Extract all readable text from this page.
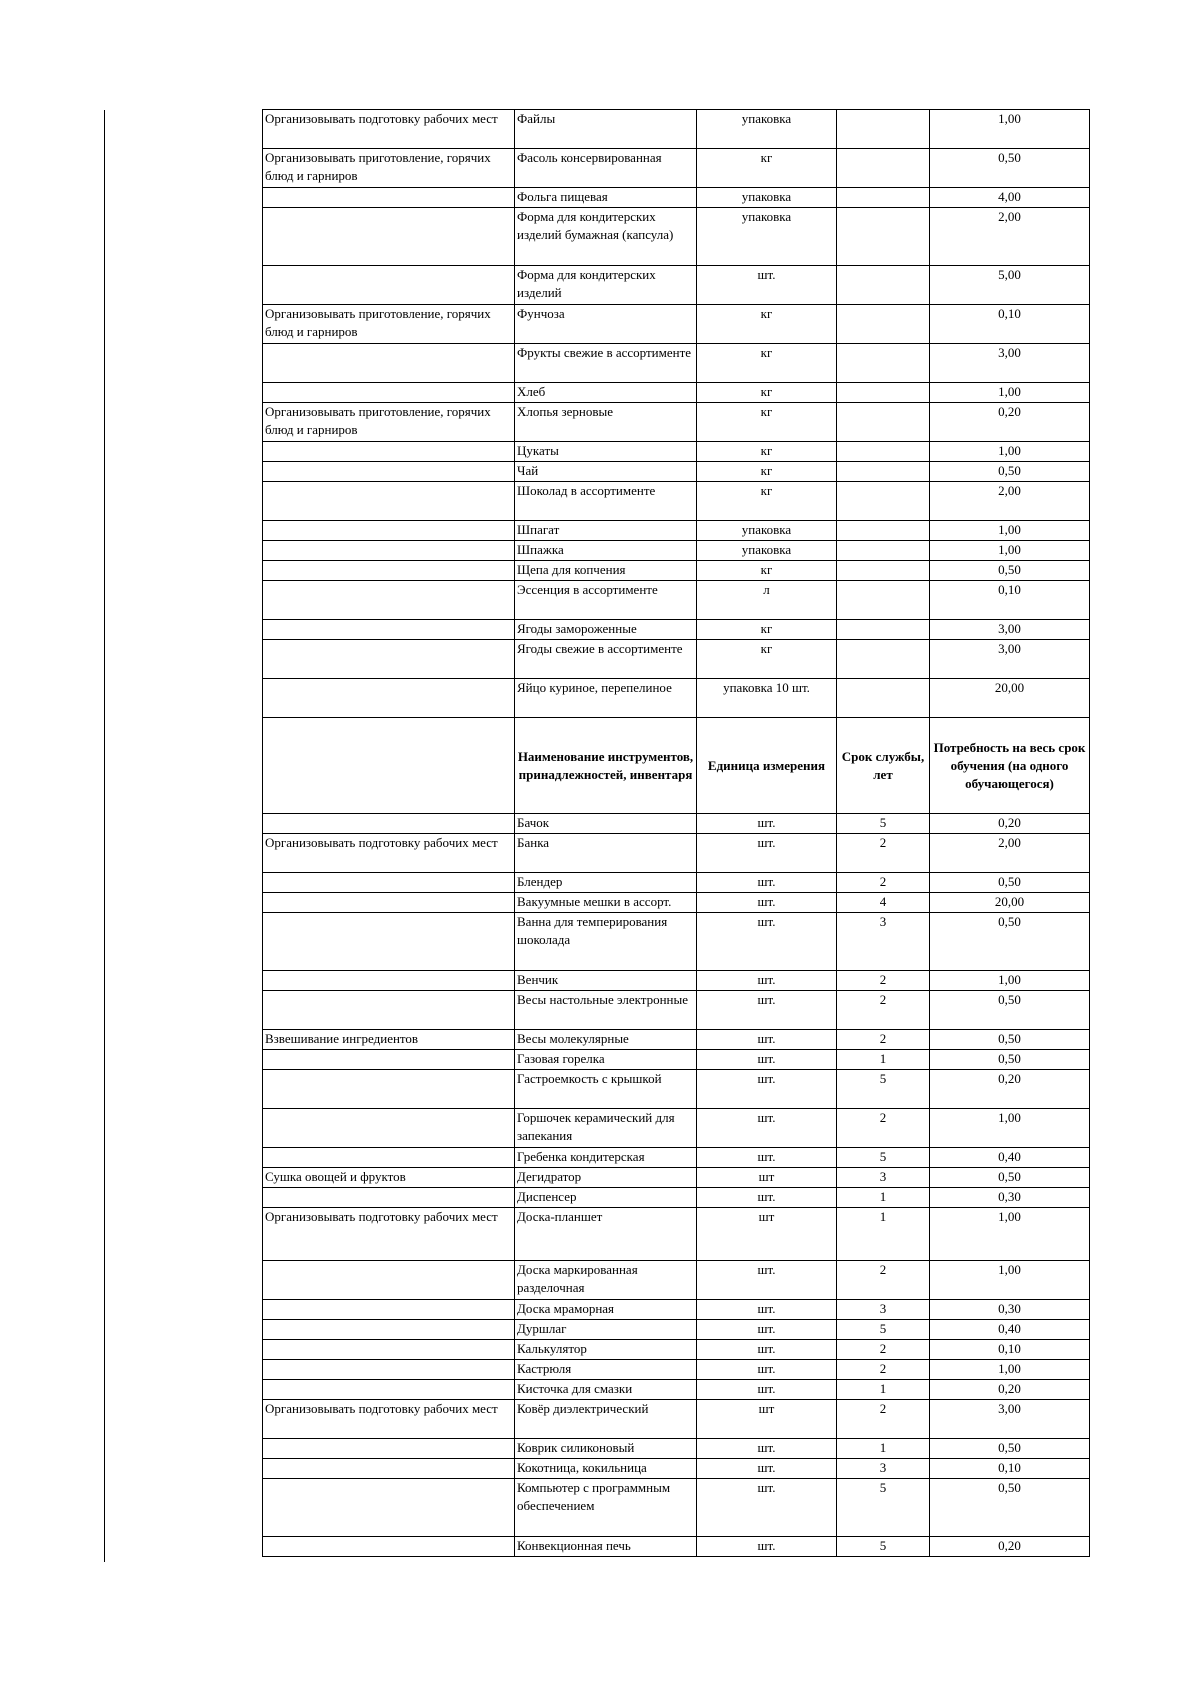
Организовывать подготовку рабочих мест	Файлы	упаковка		1,00
Организовывать приготовление, горячих блюд и гарниров	Фасоль консервированная	кг		0,50
	Фольга пищевая	упаковка		4,00
	Форма для кондитерских изделий бумажная (капсула)	упаковка		2,00
	Форма для кондитерских изделий	шт.		5,00
Организовывать приготовление, горячих блюд и гарниров	Фунчоза	кг		0,10
	Фрукты свежие в ассортименте	кг		3,00
	Хлеб	кг		1,00
Организовывать приготовление, горячих блюд и гарниров	Хлопья зерновые	кг		0,20
	Цукаты	кг		1,00
	Чай	кг		0,50
	Шоколад в ассортименте	кг		2,00
	Шпагат	упаковка		1,00
	Шпажка	упаковка		1,00
	Щепа для копчения	кг		0,50
	Эссенция в ассортименте	л		0,10
	Ягоды замороженные	кг		3,00
	Ягоды свежие в ассортименте	кг		3,00
	Яйцо куриное, перепелиное	упаковка 10 шт.		20,00
	Наименование инструментов, принадлежностей, инвентаря	Единица измерения	Срок службы, лет	Потребность на весь срок обучения (на одного обучающегося)
	Бачок	шт.	5	0,20
Организовывать подготовку рабочих мест	Банка	шт.	2	2,00
	Блендер	шт.	2	0,50
	Вакуумные мешки в ассорт.	шт.	4	20,00
	Ванна для темперирования шоколада	шт.	3	0,50
	Венчик	шт.	2	1,00
	Весы настольные электронные	шт.	2	0,50
Взвешивание ингредиентов	Весы молекулярные	шт.	2	0,50
	Газовая горелка	шт.	1	0,50
	Гастроемкость с крышкой	шт.	5	0,20
	Горшочек керамический для запекания	шт.	2	1,00
	Гребенка кондитерская	шт.	5	0,40
Сушка овощей и фруктов	Дегидратор	шт	3	0,50
	Диспенсер	шт.	1	0,30
Организовывать подготовку рабочих мест	Доска-планшет	шт	1	1,00
	Доска маркированная разделочная	шт.	2	1,00
	Доска мраморная	шт.	3	0,30
	Дуршлаг	шт.	5	0,40
	Калькулятор	шт.	2	0,10
	Кастрюля	шт.	2	1,00
	Кисточка для смазки	шт.	1	0,20
Организовывать подготовку рабочих мест	Ковёр диэлектрический	шт	2	3,00
	Коврик силиконовый	шт.	1	0,50
	Кокотница, кокильница	шт.	3	0,10
	Компьютер с программным обеспечением	шт.	5	0,50
	Конвекционная печь	шт.	5	0,20
